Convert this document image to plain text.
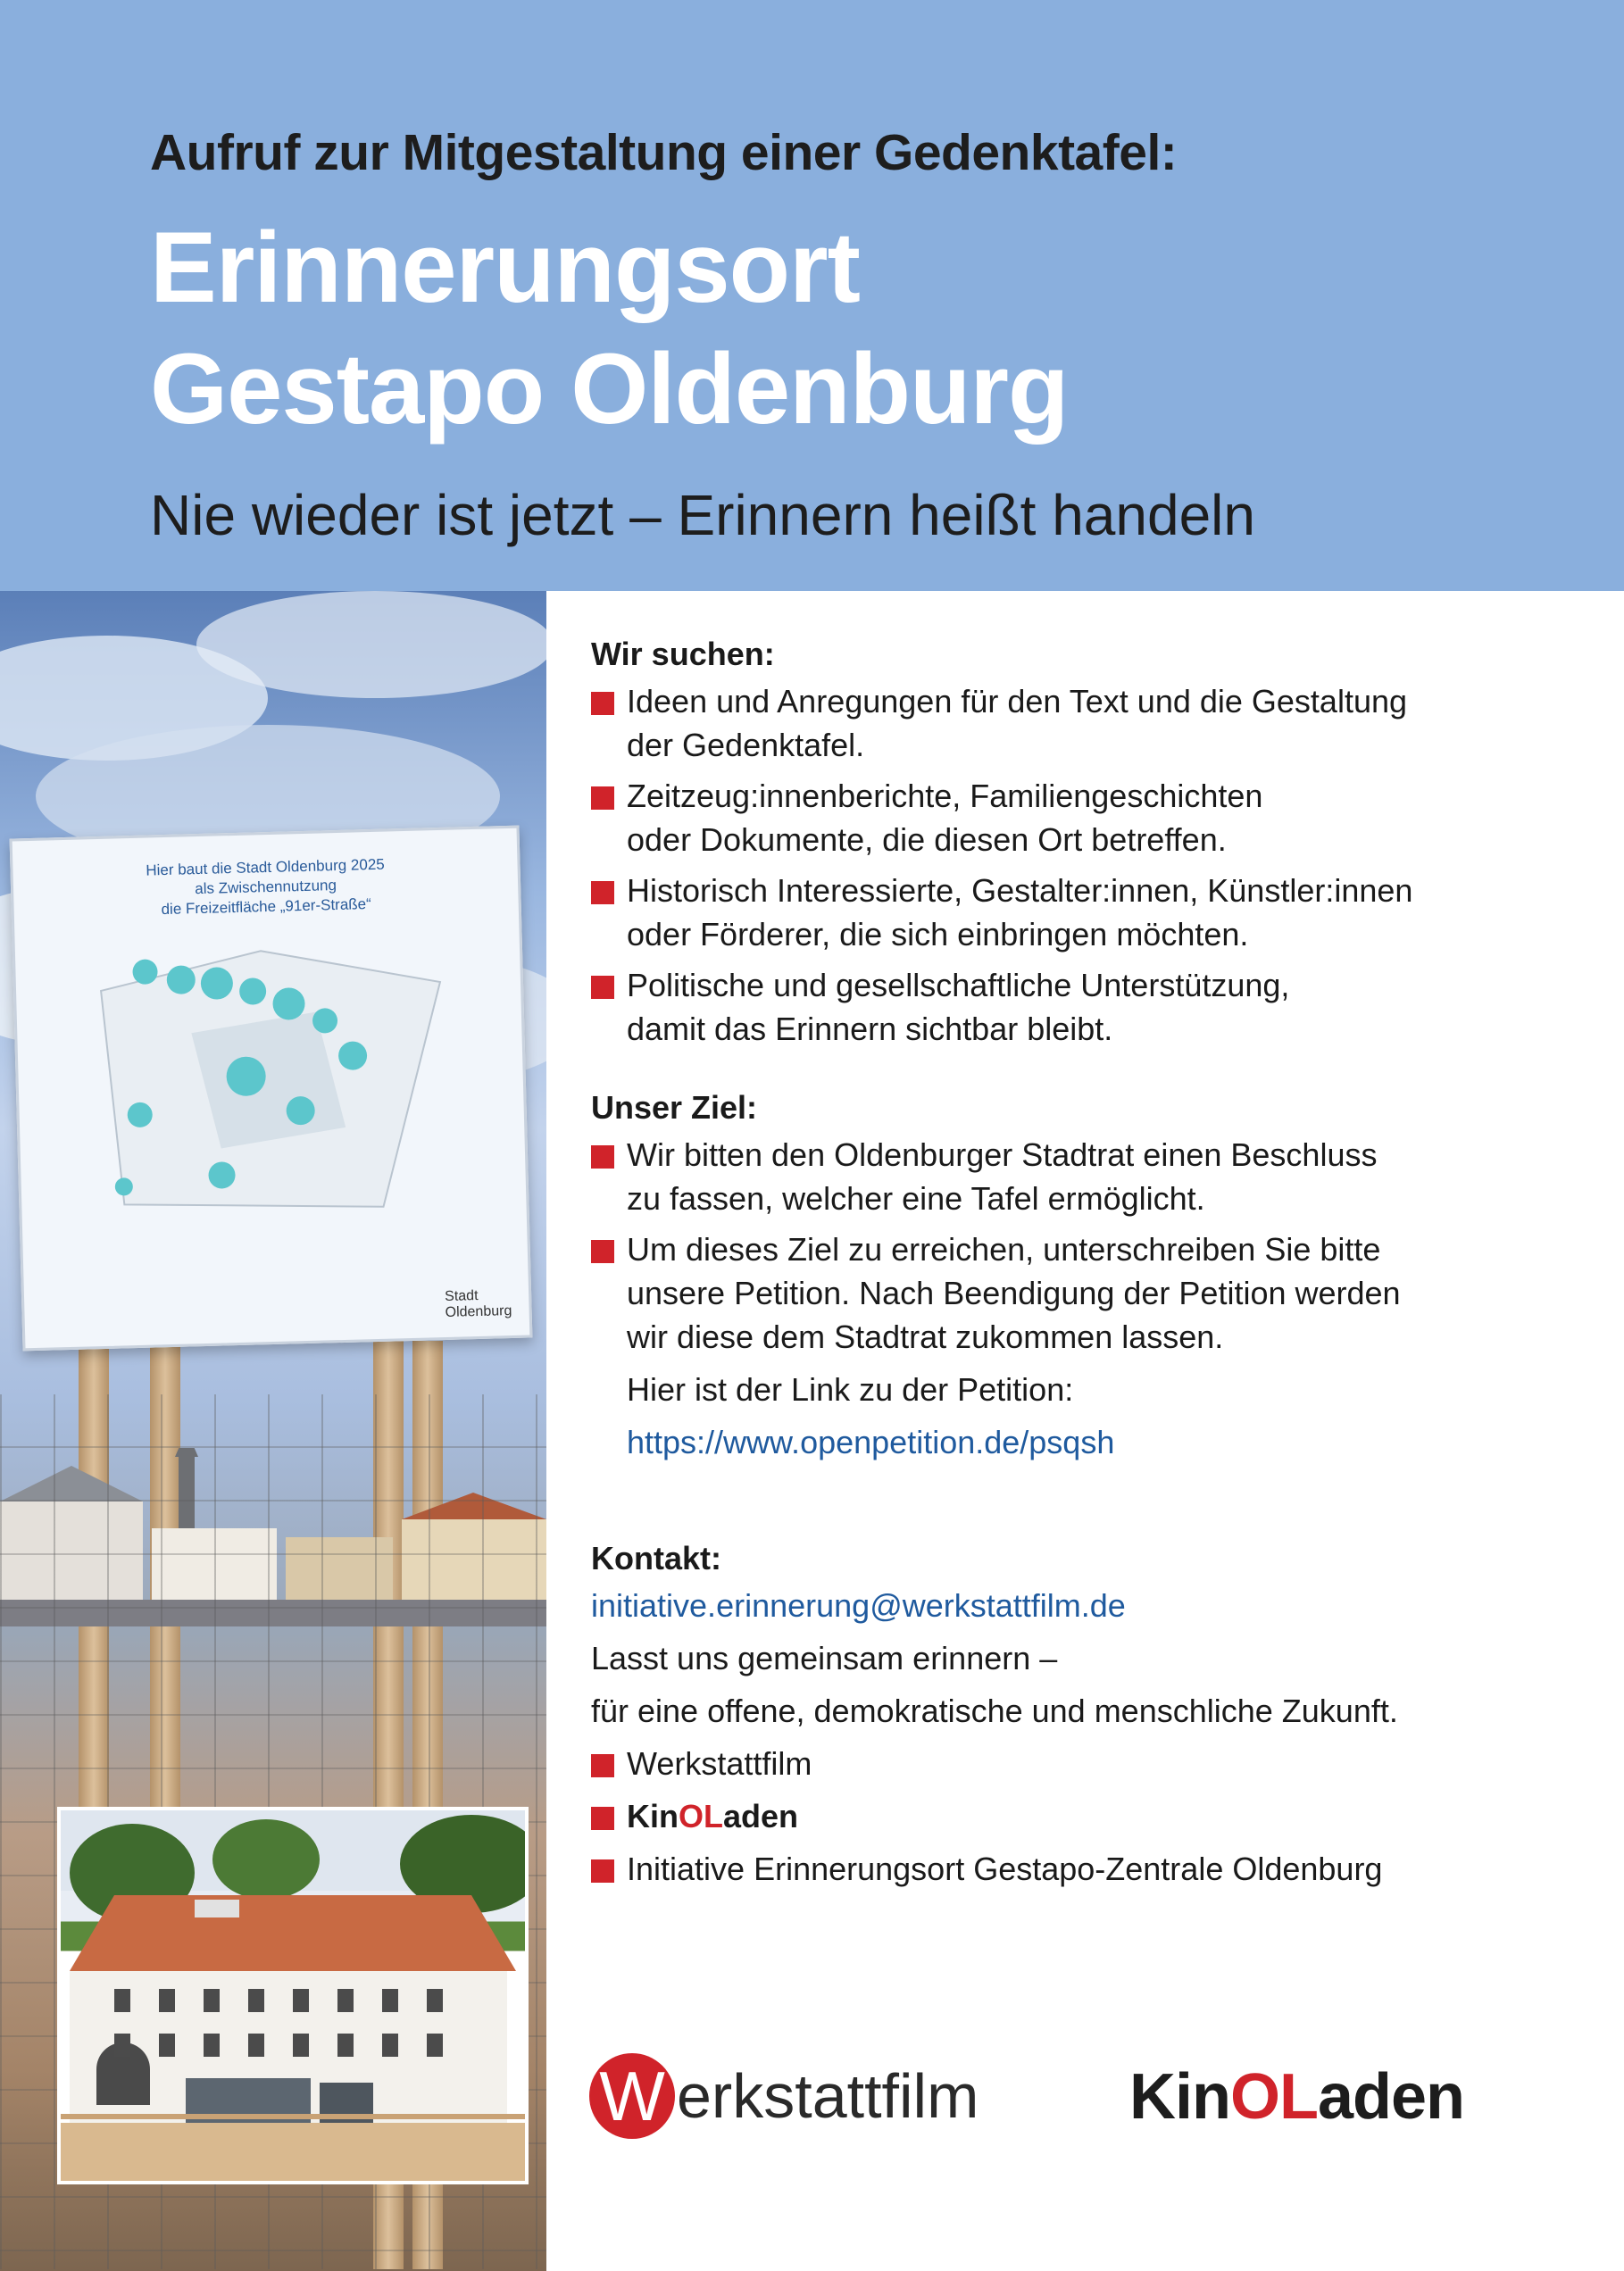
Aufruf zur Mitgestaltung einer Gedenktafel:
Erinnerungsort
Gestapo Oldenburg
Nie wieder ist jetzt – Erinnern heißt handeln
Hier baut die Stadt Oldenburg 2025
als Zwischennutzung
die Freizeitfläche „91er-Straße“
Stadt Oldenburg
Wir suchen:
Ideen und Anregungen für den Text und die Gestaltung
der Gedenktafel.
Zeitzeug:innenberichte, Familiengeschichten
oder Dokumente, die diesen Ort betreffen.
Historisch Interessierte, Gestalter:innen, Künstler:innen
oder Förderer, die sich einbringen möchten.
Politische und gesellschaftliche Unterstützung,
damit das Erinnern sichtbar bleibt.
Unser Ziel:
Wir bitten den Oldenburger Stadtrat einen Beschluss
zu fassen, welcher eine Tafel ermöglicht.
Um dieses Ziel zu erreichen, unterschreiben Sie bitte
unsere Petition. Nach Beendigung der Petition werden
wir diese dem Stadtrat zukommen lassen.
Hier ist der Link zu der Petition:
https://www.openpetition.de/psqsh
Kontakt:

initiative.erinnerung@werkstattfilm.de

Lasst uns gemeinsam erinnern –

für eine offene, demokratische und menschliche Zukunft.

Werkstattfilm
KinOLaden
Initiative Erinnerungsort Gestapo-Zentrale Oldenburg
W erkstattfilm KinOLaden
